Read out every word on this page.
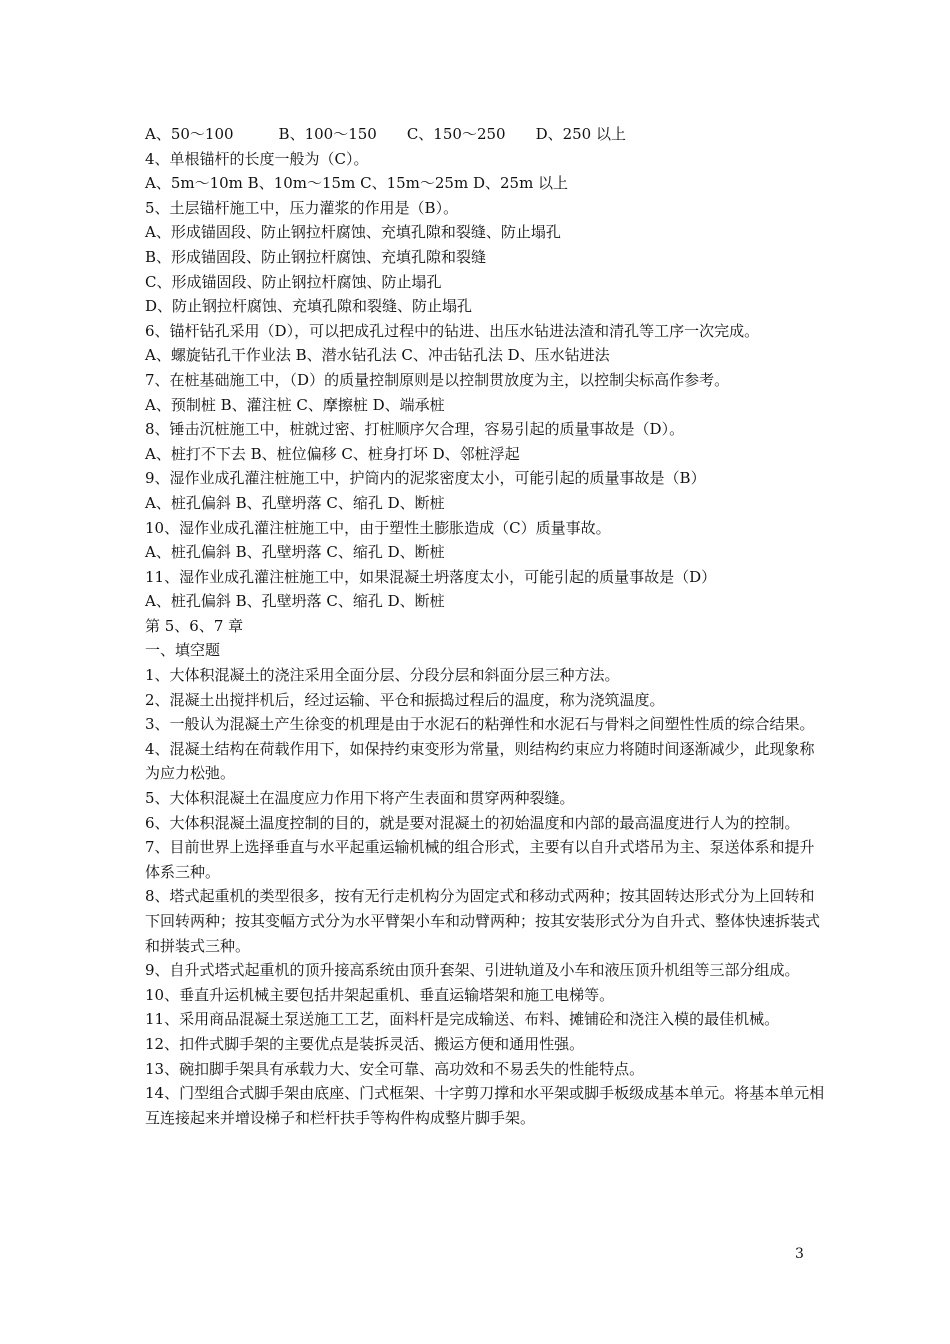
A、50～100　　　B、100～150　　C、150～250　　D、250 以上
4、单根锚杆的长度一般为（C）。
A、5m～10m B、10m～15m C、15m～25m D、25m 以上
5、土层锚杆施工中，压力灌浆的作用是（B）。
A、形成锚固段、防止钢拉杆腐蚀、充填孔隙和裂缝、防止塌孔
B、形成锚固段、防止钢拉杆腐蚀、充填孔隙和裂缝
C、形成锚固段、防止钢拉杆腐蚀、防止塌孔
D、防止钢拉杆腐蚀、充填孔隙和裂缝、防止塌孔
6、锚杆钻孔采用（D），可以把成孔过程中的钻进、出压水钻进法渣和清孔等工序一次完成。
A、螺旋钻孔干作业法 B、潜水钻孔法 C、冲击钻孔法 D、压水钻进法
7、在桩基础施工中，（D）的质量控制原则是以控制贯放度为主，以控制尖标高作参考。
A、预制桩 B、灌注桩 C、摩擦桩 D、端承桩
8、锤击沉桩施工中，桩就过密、打桩顺序欠合理，容易引起的质量事故是（D）。
A、桩打不下去 B、桩位偏移 C、桩身打坏 D、邻桩浮起
9、湿作业成孔灌注桩施工中，护筒内的泥浆密度太小，可能引起的质量事故是（B）
A、桩孔偏斜 B、孔壁坍落 C、缩孔 D、断桩
10、湿作业成孔灌注桩施工中，由于塑性土膨胀造成（C）质量事故。
A、桩孔偏斜 B、孔壁坍落 C、缩孔 D、断桩
11、湿作业成孔灌注桩施工中，如果混凝土坍落度太小，可能引起的质量事故是（D）
A、桩孔偏斜 B、孔壁坍落 C、缩孔 D、断桩
第 5、6、7 章
一、填空题
1、大体积混凝土的浇注采用全面分层、分段分层和斜面分层三种方法。
2、混凝土出搅拌机后，经过运输、平仓和振捣过程后的温度，称为浇筑温度。
3、一般认为混凝土产生徐变的机理是由于水泥石的粘弹性和水泥石与骨料之间塑性性质的综合结果。
4、混凝土结构在荷载作用下，如保持约束变形为常量，则结构约束应力将随时间逐渐减少，此现象称为应力松弛。
5、大体积混凝土在温度应力作用下将产生表面和贯穿两种裂缝。
6、大体积混凝土温度控制的目的，就是要对混凝土的初始温度和内部的最高温度进行人为的控制。
7、目前世界上选择垂直与水平起重运输机械的组合形式，主要有以自升式塔吊为主、泵送体系和提升体系三种。
8、塔式起重机的类型很多，按有无行走机构分为固定式和移动式两种；按其固转达形式分为上回转和下回转两种；按其变幅方式分为水平臂架小车和动臂两种；按其安装形式分为自升式、整体快速拆装式和拼装式三种。
9、自升式塔式起重机的顶升接高系统由顶升套架、引进轨道及小车和液压顶升机组等三部分组成。
10、垂直升运机械主要包括井架起重机、垂直运输塔架和施工电梯等。
11、采用商品混凝土泵送施工工艺，面料杆是完成输送、布料、摊铺砼和浇注入模的最佳机械。
12、扣件式脚手架的主要优点是装拆灵活、搬运方便和通用性强。
13、碗扣脚手架具有承载力大、安全可靠、高功效和不易丢失的性能特点。
14、门型组合式脚手架由底座、门式框架、十字剪刀撑和水平架或脚手板级成基本单元。将基本单元相互连接起来并增设梯子和栏杆扶手等构件构成整片脚手架。
3
